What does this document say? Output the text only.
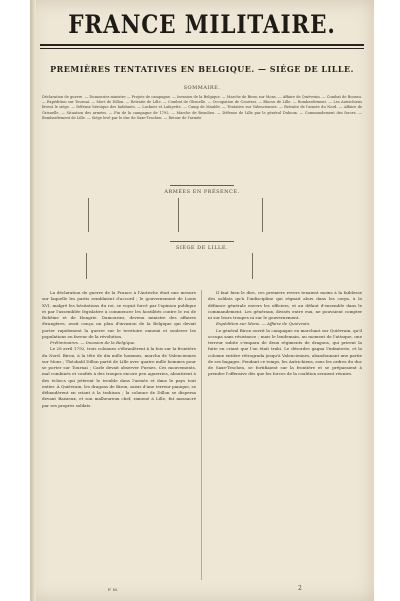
FRANCE MILITAIRE.
PREMIÈRES TENTATIVES EN BELGIQUE. — SIÉGE DE LILLE.

SOMMAIRE.

Déclaration de guerre. — Dumouriez ministre — Projets de campagne. — Invasion de la Belgique. — Marche de Biron sur Mons. — Affaire de Quiévrain. — Combat de Boussu. — Expédition sur Tournai. — Mort de Dillon. — Retraite de Lille. — Combat de Glisuelle. — Occupation de Courtrai. — Blocus de Lille. — Bombardement. — Les Autrichiens lèvent le siège. — Défense héroïque des habitants. — Luckner et Lafayette. — Camp de Maulde. — Tentative sur Valenciennes. — Retraite de l'armée du Nord. — Affaire de Grisuelle. — Situation des armées. — Fin de la campagne de 1792. — Marche de Beaulieu. — Défense de Lille par le général Duhoux. — Commandement des forces. — Bombardement de Lille. — Siège levé par le duc de Saxe-Teschen. — Retour de l'armée.

ARMÉES EN PRÉSENCE.

SIÈGE DE LILLE.

La déclaration de guerre de la France à l'Autriche était une mesure sur laquelle les partis semblaient d'accord ; le gouvernement de Louis XVI, malgré les hésitations du roi, se voyait forcé par l'opinion publique et par l'assemblée législative à commencer les hostilités contre le roi de Bohême et de Hongrie. Dumouriez, devenu ministre des affaires étrangères, avait conçu un plan d'invasion de la Belgique qui devait porter rapidement la guerre sur le territoire ennemi et soulever les populations en faveur de la révolution.

Préliminaires. — Invasion de la Belgique.

Le 28 avril 1792, trois colonnes s'ébranlèrent à la fois sur la frontière du Nord. Biron, à la tête de dix mille hommes, marcha de Valenciennes sur Mons ; Théobald Dillon partit de Lille avec quatre mille hommes pour se porter sur Tournai ; Carle devait observer Furnes. Ces mouvements, mal combinés et confiés à des troupes encore peu aguerries, aboutirent à des échecs qui jetèrent le trouble dans l'armée et dans le pays tout entier. À Quiévrain, les dragons de Biron, saisis d'une terreur panique, se débandèrent en criant à la trahison ; la colonne de Dillon se dispersa devant Baisieux, et son malheureux chef, ramené à Lille, fut massacré par ses propres soldats.

Il faut bien le dire, ces premiers revers tenaient moins à la faiblesse des soldats qu'à l'indiscipline qui régnait alors dans les corps, à la défiance générale envers les officiers, et au défaut d'ensemble dans le commandement. Les généraux, divisés entre eux, ne pouvaient compter ni sur leurs troupes ni sur le gouvernement.

Expédition sur Mons. — Affaire de Quiévrain.

Le général Biron ouvrit la campagne en marchant sur Quiévrain, qu'il occupa sans résistance ; mais le lendemain, au moment de l'attaque, une terreur subite s'empara de deux régiments de dragons, qui prirent la fuite en criant que l'on était trahi. Le désordre gagna l'infanterie, et la colonne entière rétrograda jusqu'à Valenciennes, abandonnant une partie de ses bagages. Pendant ce temps, les Autrichiens, sous les ordres du duc de Saxe-Teschen, se fortifiaient sur la frontière et se préparaient à prendre l'offensive dès que les forces de la coalition seraient réunies.

F. M.	2
